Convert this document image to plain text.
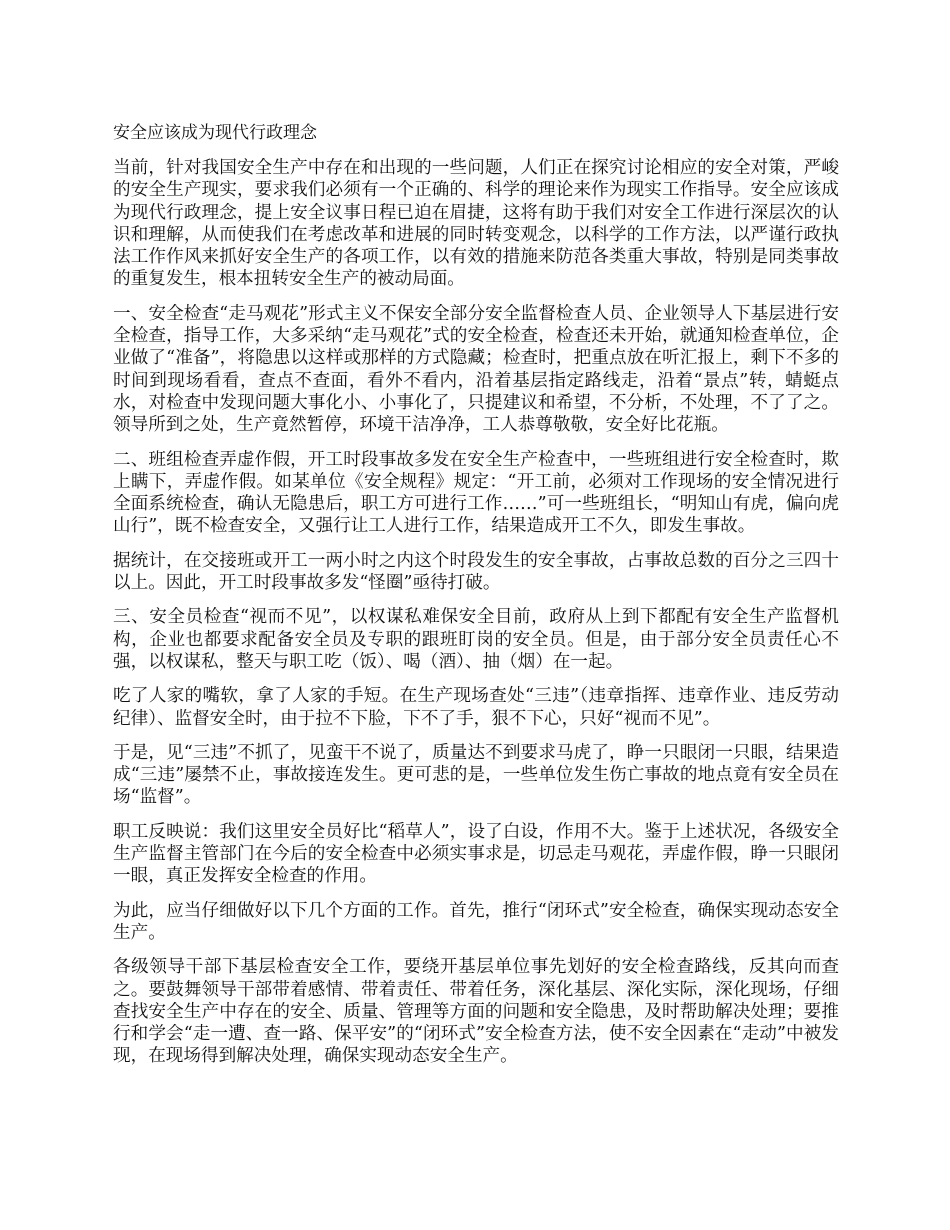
安全应该成为现代行政理念

当前，针对我国安全生产中存在和出现的一些问题，人们正在探究讨论相应的安全对策，严峻的安全生产现实，要求我们必须有一个正确的、科学的理论来作为现实工作指导。安全应该成为现代行政理念，提上安全议事日程已迫在眉捷，这将有助于我们对安全工作进行深层次的认识和理解，从而使我们在考虑改革和进展的同时转变观念，以科学的工作方法，以严谨行政执法工作作风来抓好安全生产的各项工作，以有效的措施来防范各类重大事故，特别是同类事故的重复发生，根本扭转安全生产的被动局面。

一、安全检查“走马观花”形式主义不保安全部分安全监督检查人员、企业领导人下基层进行安全检查，指导工作，大多采纳“走马观花”式的安全检查，检查还未开始，就通知检查单位，企业做了“准备”，将隐患以这样或那样的方式隐藏；检查时，把重点放在听汇报上，剩下不多的时间到现场看看，查点不查面，看外不看内，沿着基层指定路线走，沿着“景点”转，蜻蜓点水，对检查中发现问题大事化小、小事化了，只提建议和希望，不分析，不处理，不了了之。领导所到之处，生产竟然暂停，环境干洁净净，工人恭尊敬敬，安全好比花瓶。

二、班组检查弄虚作假，开工时段事故多发在安全生产检查中，一些班组进行安全检查时，欺上瞒下，弄虚作假。如某单位《安全规程》规定：“开工前，必须对工作现场的安全情况进行全面系统检查，确认无隐患后，职工方可进行工作……”可一些班组长，“明知山有虎，偏向虎山行”，既不检查安全，又强行让工人进行工作，结果造成开工不久，即发生事故。

据统计，在交接班或开工一两小时之内这个时段发生的安全事故，占事故总数的百分之三四十以上。因此，开工时段事故多发“怪圈”亟待打破。

三、安全员检查“视而不见”，以权谋私难保安全目前，政府从上到下都配有安全生产监督机构，企业也都要求配备安全员及专职的跟班盯岗的安全员。但是，由于部分安全员责任心不强，以权谋私，整天与职工吃（饭）、喝（酒）、抽（烟）在一起。

吃了人家的嘴软，拿了人家的手短。在生产现场查处“三违”（违章指挥、违章作业、违反劳动纪律）、监督安全时，由于拉不下脸，下不了手，狠不下心，只好“视而不见”。

于是，见“三违”不抓了，见蛮干不说了，质量达不到要求马虎了，睁一只眼闭一只眼，结果造成“三违”屡禁不止，事故接连发生。更可悲的是，一些单位发生伤亡事故的地点竟有安全员在场“监督”。

职工反映说：我们这里安全员好比“稻草人”，设了白设，作用不大。鉴于上述状况，各级安全生产监督主管部门在今后的安全检查中必须实事求是，切忌走马观花，弄虚作假，睁一只眼闭一眼，真正发挥安全检查的作用。

为此，应当仔细做好以下几个方面的工作。首先，推行“闭环式”安全检查，确保实现动态安全生产。

各级领导干部下基层检查安全工作，要绕开基层单位事先划好的安全检查路线，反其向而查之。要鼓舞领导干部带着感情、带着责任、带着任务，深化基层、深化实际，深化现场，仔细查找安全生产中存在的安全、质量、管理等方面的问题和安全隐患，及时帮助解决处理；要推行和学会“走一遭、查一路、保平安”的“闭环式”安全检查方法，使不安全因素在“走动”中被发现，在现场得到解决处理，确保实现动态安全生产。
